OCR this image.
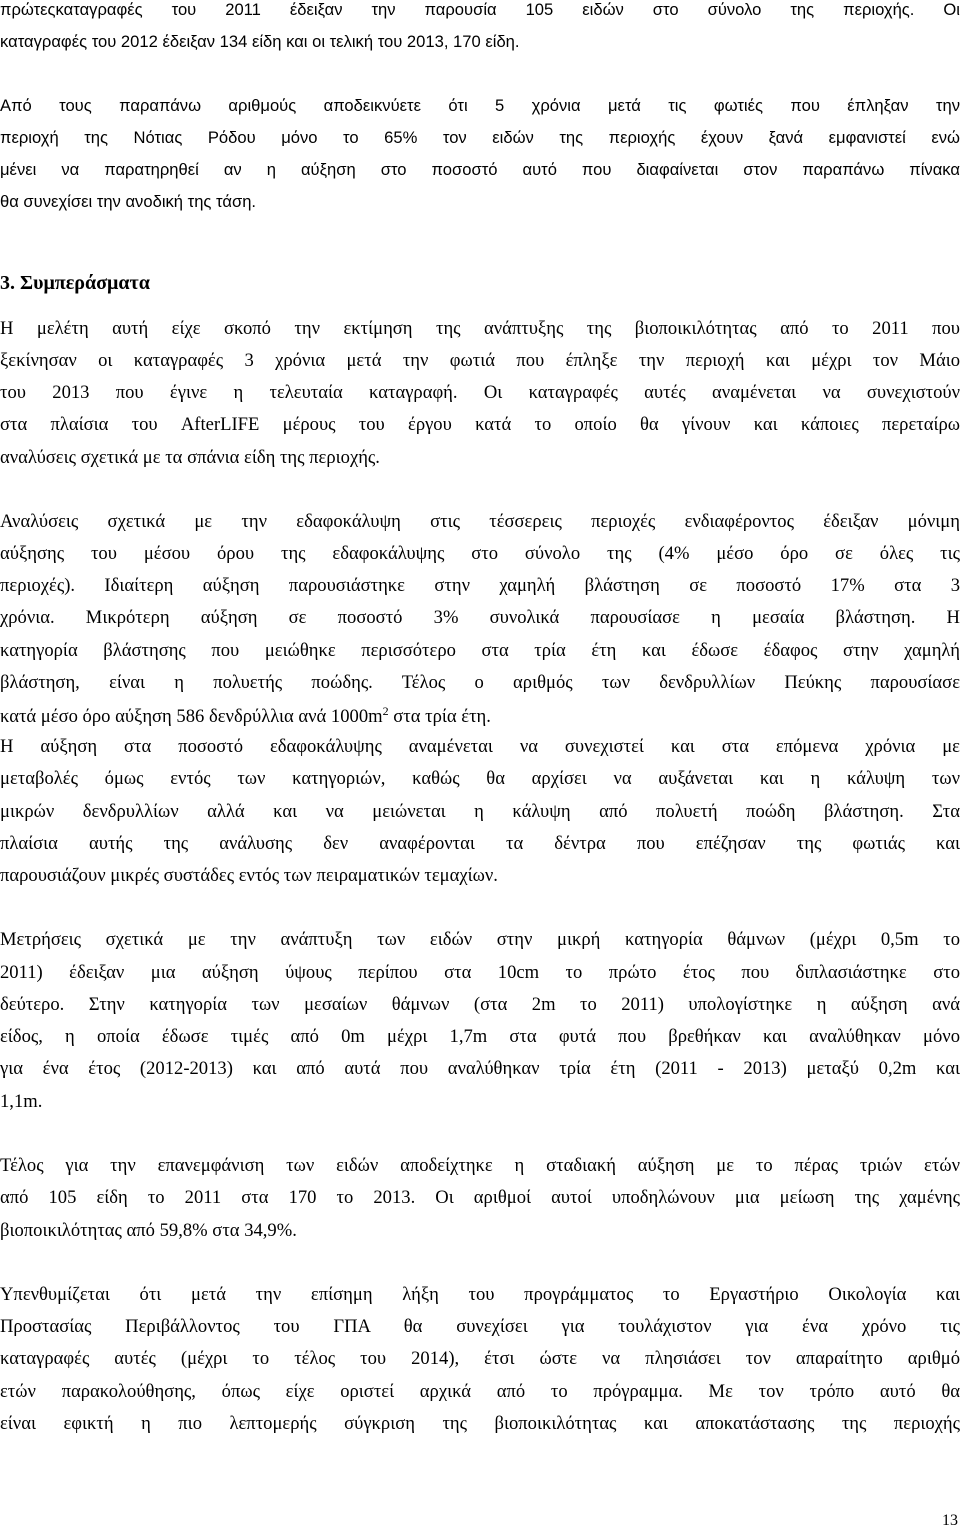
πρώτεςκαταγραφές του 2011 έδειξαν την παρουσία 105 ειδών στο σύνολο της περιοχής. Οι

καταγραφές του 2012 έδειξαν 134 είδη και οι τελική του 2013, 170 είδη.

Από τους παραπάνω αριθμούς αποδεικνύετε ότι 5 χρόνια μετά τις φωτιές που έπληξαν την

περιοχή της Νότιας Ρόδου μόνο το 65% τον ειδών της περιοχής έχουν ξανά εμφανιστεί ενώ

μένει να παρατηρηθεί αν η αύξηση στο ποσοστό αυτό που διαφαίνεται στον παραπάνω πίνακα

θα συνεχίσει την ανοδική της τάση.

3. Συμπεράσματα

Η μελέτη αυτή είχε σκοπό την εκτίμηση της ανάπτυξης της βιοποικιλότητας από το 2011 που

ξεκίνησαν οι καταγραφές 3 χρόνια μετά την φωτιά που έπληξε την περιοχή και μέχρι τον Μάιο

του 2013 που έγινε η τελευταία καταγραφή. Οι καταγραφές αυτές αναμένεται να συνεχιστούν

στα πλαίσια του AfterLIFE μέρους του έργου κατά το οποίο θα γίνουν και κάποιες περεταίρω

αναλύσεις σχετικά με τα σπάνια είδη της περιοχής.

Αναλύσεις σχετικά με την εδαφοκάλυψη στις τέσσερεις περιοχές ενδιαφέροντος έδειξαν μόνιμη

αύξησης του μέσου όρου της εδαφοκάλυψης στο σύνολο της (4% μέσο όρο σε όλες τις

περιοχές). Ιδιαίτερη αύξηση παρουσιάστηκε στην χαμηλή βλάστηση σε ποσοστό 17% στα 3

χρόνια. Μικρότερη αύξηση σε ποσοστό 3% συνολικά παρουσίασε η μεσαία βλάστηση. Η

κατηγορία βλάστησης που μειώθηκε περισσότερο στα τρία έτη και έδωσε έδαφος στην χαμηλή

βλάστηση, είναι η πολυετής ποώδης. Τέλος ο αριθμός των δενδρυλλίων Πεύκης παρουσίασε

κατά μέσο όρο αύξηση 586 δενδρύλλια ανά $1000m^2$ στα τρία έτη.

Η αύξηση στα ποσοστό εδαφοκάλυψης αναμένεται να συνεχιστεί και στα επόμενα χρόνια με

μεταβολές όμως εντός των κατηγοριών, καθώς θα αρχίσει να αυξάνεται και η κάλυψη των

μικρών δενδρυλλίων αλλά και να μειώνεται η κάλυψη από πολυετή ποώδη βλάστηση. Στα

πλαίσια αυτής της ανάλυσης δεν αναφέρονται τα δέντρα που επέζησαν της φωτιάς και

παρουσιάζουν μικρές συστάδες εντός των πειραματικών τεμαχίων.

Μετρήσεις σχετικά με την ανάπτυξη των ειδών στην μικρή κατηγορία θάμνων (μέχρι 0,5m το

2011) έδειξαν μια αύξηση ύψους περίπου στα 10cm το πρώτο έτος που διπλασιάστηκε στο

δεύτερο. Στην κατηγορία των μεσαίων θάμνων (στα 2m το 2011) υπολογίστηκε η αύξηση ανά

είδος, η οποία έδωσε τιμές από 0m μέχρι 1,7m στα φυτά που βρεθήκαν και αναλύθηκαν μόνο

για ένα έτος (2012-2013) και από αυτά που αναλύθηκαν τρία έτη (2011 - 2013) μεταξύ 0,2m και

1,1m.

Τέλος για την επανεμφάνιση των ειδών αποδείχτηκε η σταδιακή αύξηση με το πέρας τριών ετών

από 105 είδη το 2011 στα 170 το 2013. Οι αριθμοί αυτοί υποδηλώνουν μια μείωση της χαμένης

βιοποικιλότητας από 59,8% στα 34,9%.

Υπενθυμίζεται ότι μετά την επίσημη λήξη του προγράμματος το Εργαστήριο Οικολογία και

Προστασίας Περιβάλλοντος του ΓΠΑ θα συνεχίσει για τουλάχιστον για ένα χρόνο τις

καταγραφές αυτές (μέχρι το τέλος του 2014), έτσι ώστε να πλησιάσει τον απαραίτητο αριθμό

ετών παρακολούθησης, όπως είχε οριστεί αρχικά από το πρόγραμμα. Με τον τρόπο αυτό θα

είναι εφικτή η πιο λεπτομερής σύγκριση της βιοποικιλότητας και αποκατάστασης της περιοχής

13
